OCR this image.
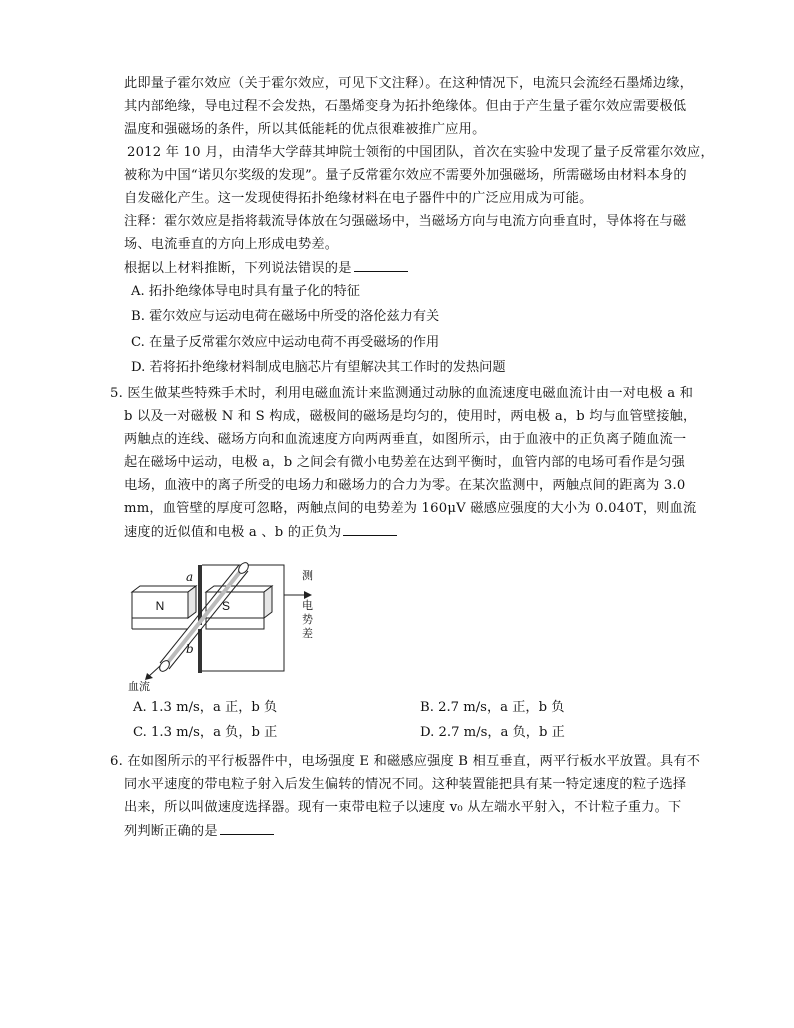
此即量子霍尔效应（关于霍尔效应，可见下文注释）。在这种情况下，电流只会流经石墨烯边缘，
其内部绝缘，导电过程不会发热，石墨烯变身为拓扑绝缘体。但由于产生量子霍尔效应需要极低
温度和强磁场的条件，所以其低能耗的优点很难被推广应用。
2012 年 10 月，由清华大学薛其坤院士领衔的中国团队，首次在实验中发现了量子反常霍尔效应，
被称为中国“诺贝尔奖级的发现”。量子反常霍尔效应不需要外加强磁场，所需磁场由材料本身的
自发磁化产生。这一发现使得拓扑绝缘材料在电子器件中的广泛应用成为可能。
注释：霍尔效应是指将载流导体放在匀强磁场中，当磁场方向与电流方向垂直时，导体将在与磁
场、电流垂直的方向上形成电势差。
根据以上材料推断，下列说法错误的是
A. 拓扑绝缘体导电时具有量子化的特征
B. 霍尔效应与运动电荷在磁场中所受的洛伦兹力有关
C. 在量子反常霍尔效应中运动电荷不再受磁场的作用
D. 若将拓扑绝缘材料制成电脑芯片有望解决其工作时的发热问题
5. 医生做某些特殊手术时，利用电磁血流计来监测通过动脉的血流速度电磁血流计由一对电极 a 和
b 以及一对磁极 N 和 S 构成，磁极间的磁场是均匀的，使用时，两电极 a，b 均与血管壁接触，
两触点的连线、磁场方向和血流速度方向两两垂直，如图所示，由于血液中的正负离子随血流一
起在磁场中运动，电极 a，b 之间会有微小电势差在达到平衡时，血管内部的电场可看作是匀强
电场，血液中的离子所受的电场力和磁场力的合力为零。在某次监测中，两触点间的距离为 3.0
mm，血管壁的厚度可忽略，两触点间的电势差为 160μV 磁感应强度的大小为 0.040T，则血流
速度的近似值和电极 a 、b 的正负为
a
b
N	S
测
电
势
差
血流
A. 1.3 m/s，a 正，b 负	B. 2.7 m/s，a 正，b 负
C. 1.3 m/s，a 负，b 正	D. 2.7 m/s，a 负，b 正
6. 在如图所示的平行板器件中，电场强度 E 和磁感应强度 B 相互垂直，两平行板水平放置。具有不
同水平速度的带电粒子射入后发生偏转的情况不同。这种装置能把具有某一特定速度的粒子选择
出来，所以叫做速度选择器。现有一束带电粒子以速度 v₀ 从左端水平射入，不计粒子重力。下
列判断正确的是
